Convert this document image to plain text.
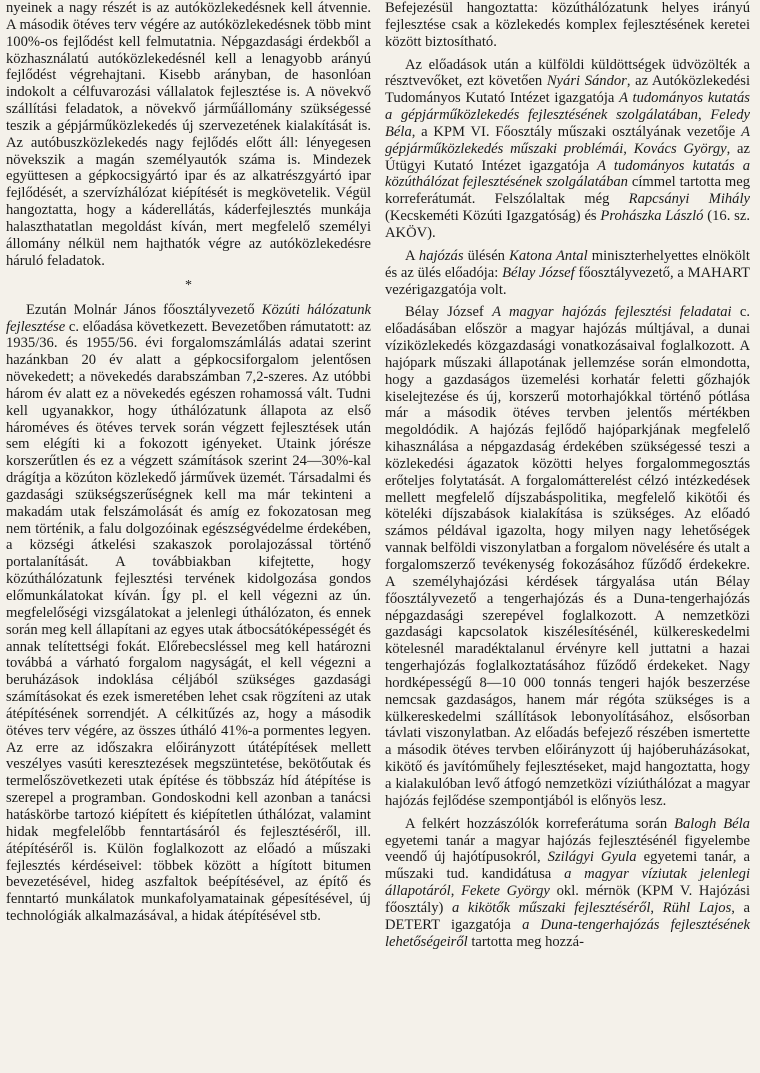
nyeinek a nagy részét is az autóközlekedésnek kell átvennie. A második ötéves terv végére az autóközlekedésnek több mint 100%-os fejlődést kell felmutatnia. Népgazdasági érdekből a közhasználatú autóközlekedésnél kell a lenagyobb arányú fejlődést végrehajtani. Kisebb arányban, de hasonlóan indokolt a célfuvarozási vállalatok fejlesztése is. A növekvő szállítási feladatok, a növekvő járműállomány szükségessé teszik a gépjárműközlekedés új szervezetének kialakítását is. Az autóbuszközlekedés nagy fejlődés előtt áll: lényegesen növekszik a magán személyautók száma is. Mindezek együttesen a gépkocsigyártó ipar és az alkatrészgyártó ipar fejlődését, a szervízhálózat kiépítését is megkövetelik. Végül hangoztatta, hogy a káderellátás, káderfejlesztés munkája halaszthatatlan megoldást kíván, mert megfelelő személyi állomány nélkül nem hajthatók végre az autóközlekedésre háruló feladatok.

*

Ezután Molnár János főosztályvezető Közúti hálózatunk fejlesztése c. előadása következett. Bevezetőben rámutatott: az 1935/36. és 1955/56. évi forgalomszámlálás adatai szerint hazánkban 20 év alatt a gépkocsiforgalom jelentősen növekedett; a növekedés darabszámban 7,2-szeres. Az utóbbi három év alatt ez a növekedés egészen rohamossá vált. Tudni kell ugyanakkor, hogy úthálózatunk állapota az első hároméves és ötéves tervek során végzett fejlesztések után sem elégíti ki a fokozott igényeket. Utaink jórésze korszerűtlen és ez a végzett számítások szerint 24—30%-kal drágítja a közúton közlekedő járművek üzemét. Társadalmi és gazdasági szükségszerűségnek kell ma már tekinteni a makadám utak felszámolását és amíg ez fokozatosan meg nem történik, a falu dolgozóinak egészségvédelme érdekében, a községi átkelési szakaszok porolajozással történő portalanítását. A továbbiakban kifejtette, hogy közúthálózatunk fejlesztési tervének kidolgozása gondos előmunkálatokat kíván. Így pl. el kell végezni az ún. megfelelőségi vizsgálatokat a jelenlegi úthálózaton, és ennek során meg kell állapítani az egyes utak átbocsátóképességét és annak telítettségi fokát. Előrebecsléssel meg kell határozni továbbá a várható forgalom nagyságát, el kell végezni a beruházások indoklása céljából szükséges gazdasági számításokat és ezek ismeretében lehet csak rögzíteni az utak átépítésének sorrendjét. A célkitűzés az, hogy a második ötéves terv végére, az összes útháló 41%-a pormentes legyen. Az erre az időszakra előirányzott útátépítések mellett veszélyes vasúti keresztezések megszüntetése, bekötőutak és termelőszövetkezeti utak építése és többszáz híd átépítése is szerepel a programban. Gondoskodni kell azonban a tanácsi hatáskörbe tartozó kiépített és kiépítetlen úthálózat, valamint hidak megfelelőbb fenntartásáról és fejlesztéséről, ill. átépítéséről is. Külön foglalkozott az előadó a műszaki fejlesztés kérdéseivel: többek között a hígított bitumen bevezetésével, hideg aszfaltok beépítésével, az építő és fenntartó munkálatok munkafolyamatainak gépesítésével, új technológiák alkalmazásával, a hidak átépítésével stb.

Befejezésül hangoztatta: közúthálózatunk helyes irányú fejlesztése csak a közlekedés komplex fejlesztésének keretei között biztosítható.

Az előadások után a külföldi küldöttségek üdvözölték a résztvevőket, ezt követően Nyári Sándor, az Autóközlekedési Tudományos Kutató Intézet igazgatója A tudományos kutatás a gépjárműközlekedés fejlesztésének szolgálatában, Feledy Béla, a KPM VI. Főosztály műszaki osztályának vezetője A gépjárműközlekedés műszaki problémái, Kovács György, az Útügyi Kutató Intézet igazgatója A tudományos kutatás a közúthálózat fejlesztésének szolgálatában címmel tartotta meg korreferátumát. Felszólaltak még Rapcsányi Mihály (Kecskeméti Közúti Igazgatóság) és Prohászka László (16. sz. AKÖV).

A hajózás ülésén Katona Antal miniszterhelyettes elnökölt és az ülés előadója: Bélay József főosztályvezető, a MAHART vezérigazgatója volt.

Bélay József A magyar hajózás fejlesztési feladatai c. előadásában először a magyar hajózás múltjával, a dunai víziközlekedés közgazdasági vonatkozásaival foglalkozott. A hajópark műszaki állapotának jellemzése során elmondotta, hogy a gazdaságos üzemelési korhatár feletti gőzhajók kiselejtezése és új, korszerű motorhajókkal történő pótlása már a második ötéves tervben jelentős mértékben megoldódik. A hajózás fejlődő hajóparkjának megfelelő kihasználása a népgazdaság érdekében szükségessé teszi a közlekedési ágazatok közötti helyes forgalommegosztás erőteljes folytatását. A forgalomátterelést célzó intézkedések mellett megfelelő díjszabáspolitika, megfelelő kikötői és köteléki díjszabások kialakítása is szükséges. Az előadó számos példával igazolta, hogy milyen nagy lehetőségek vannak belföldi viszonylatban a forgalom növelésére és utalt a forgalomszerző tevékenység fokozásához fűződő érdekekre. A személyhajózási kérdések tárgyalása után Bélay főosztályvezető a tengerhajózás és a Duna-tengerhajózás népgazdasági szerepével foglalkozott. A nemzetközi gazdasági kapcsolatok kiszélesítésénél, külkereskedelmi kötelesnél maradéktalanul érvényre kell juttatni a hazai tengerhajózás foglalkoztatásához fűződő érdekeket. Nagy hordképességű 8—10 000 tonnás tengeri hajók beszerzése nemcsak gazdaságos, hanem már régóta szükséges is a külkereskedelmi szállítások lebonyolításához, elsősorban távlati viszonylatban. Az előadás befejező részében ismertette a második ötéves tervben előirányzott új hajóberuházásokat, kikötő és javítóműhely fejlesztéseket, majd hangoztatta, hogy a kialakulóban levő átfogó nemzetközi víziúthálózat a magyar hajózás fejlődése szempontjából is előnyös lesz.

A felkért hozzászólók korreferátuma során Balogh Béla egyetemi tanár a magyar hajózás fejlesztésénél figyelembe veendő új hajótípusokról, Szilágyi Gyula egyetemi tanár, a műszaki tud. kandidátusa a magyar víziutak jelenlegi állapotáról, Fekete György okl. mérnök (KPM V. Hajózási főosztály) a kikötők műszaki fejlesztéséről, Rühl Lajos, a DETERT igazgatója a Duna-tengerhajózás fejlesztésének lehetőségeiről tartotta meg hozzá-
